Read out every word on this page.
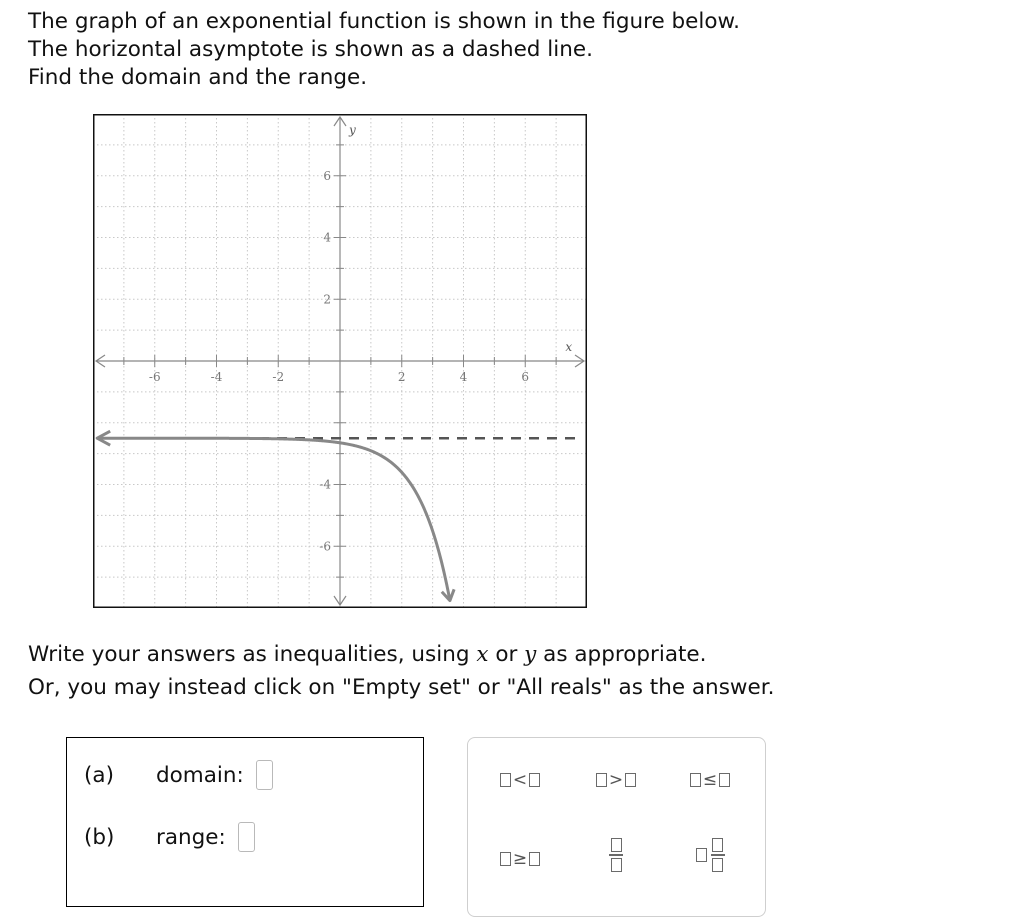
The graph of an exponential function is shown in the figure below.
The horizontal asymptote is shown as a dashed line.
Find the domain and the range.
x
y
-6	-4	-2	2	4	6
6
4
2
-4
-6
Write your answers as inequalities, using x or y as appropriate.
Or, you may instead click on "Empty set" or "All reals" as the answer.
(a)	domain:
(b)	range:
<	>	≤
≥
